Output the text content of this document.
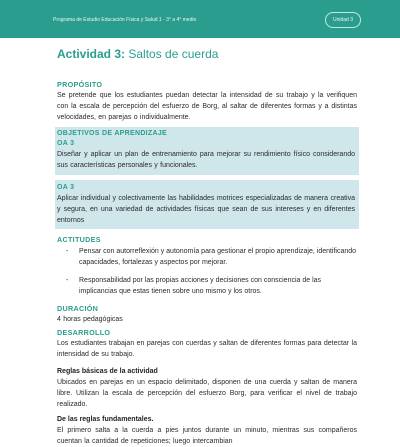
Programa de Estudio Educación Física y Salud 1 - 3° a 4° medio	Unidad 3
Actividad 3: Saltos de cuerda
PROPÓSITO
Se pretende que los estudiantes puedan detectar la intensidad de su trabajo y la verifiquen con la escala de percepción del esfuerzo de Borg, al saltar de diferentes formas y a distintas velocidades, en parejas o individualmente.
OBJETIVOS DE APRENDIZAJE
OA 3
Diseñar y aplicar un plan de entrenamiento para mejorar su rendimiento físico considerando sus características personales y funcionales.
OA 3
Aplicar individual y colectivamente las habilidades motrices especializadas de manera creativa y segura, en una variedad de actividades físicas que sean de sus intereses y en diferentes entornos
ACTITUDES
- Pensar con autorreflexión y autonomía para gestionar el propio aprendizaje, identificando capacidades, fortalezas y aspectos por mejorar.
- Responsabilidad por las propias acciones y decisiones con consciencia de las implicancias que estas tienen sobre uno mismo y los otros.
DURACIÓN
4 horas pedagógicas
DESARROLLO
Los estudiantes trabajan en parejas con cuerdas y saltan de diferentes formas para detectar la intensidad de su trabajo.
Reglas básicas de la actividad
Ubicados en parejas en un espacio delimitado, disponen de una cuerda y saltan de manera libre. Utilizan la escala de percepción del esfuerzo Borg, para verificar el nivel de trabajo realizado.
De las reglas fundamentales.
El primero salta a la cuerda a pies juntos durante un minuto, mientras sus compañeros cuentan la cantidad de repeticiones; luego intercambian
